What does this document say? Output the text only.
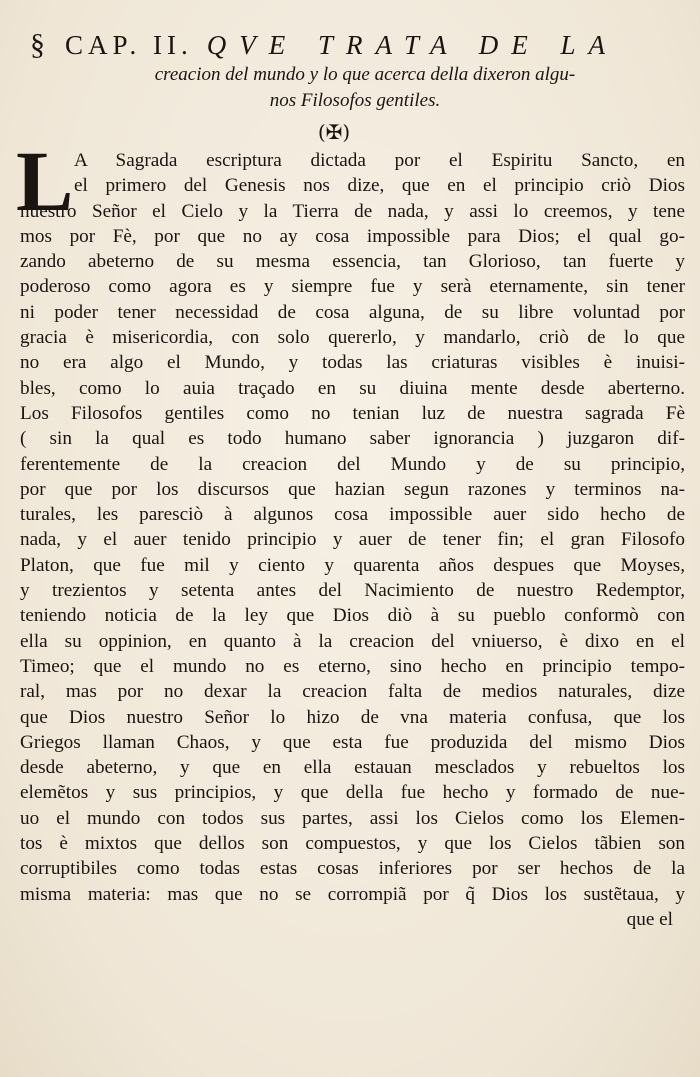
§ CAP. II. QVE TRATA DE LA
creacion del mundo y lo que acerca della dixeron algu-
nos Filosofos gentiles.
(✠)
L A Sagrada escriptura dictada por el Espiritu Sancto, en
el primero del Genesis nos dize, que en el principio criò Dios
nuestro Señor el Cielo y la Tierra de nada, y assi lo creemos, y tene
mos por Fè, por que no ay cosa impossible para Dios; el qual go-
zando abeterno de su mesma essencia, tan Glorioso, tan fuerte y
poderoso como agora es y siempre fue y serà eternamente, sin tener
ni poder tener necessidad de cosa alguna, de su libre voluntad por
gracia è misericordia, con solo quererlo, y mandarlo, criò de lo que
no era algo el Mundo, y todas las criaturas visibles è inuisi-
bles, como lo auia traçado en su diuina mente desde aberterno.
Los Filosofos gentiles como no tenian luz de nuestra sagrada Fè
( sin la qual es todo humano saber ignorancia ) juzgaron dif-
ferentemente de la creacion del Mundo y de su principio,
por que por los discursos que hazian segun razones y terminos na-
turales, les paresciò à algunos cosa impossible auer sido hecho de
nada, y el auer tenido principio y auer de tener fin; el gran Filosofo
Platon, que fue mil y ciento y quarenta años despues que Moyses,
y trezientos y setenta antes del Nacimiento de nuestro Redemptor,
teniendo noticia de la ley que Dios diò à su pueblo conformò con
ella su oppinion, en quanto à la creacion del vniuerso, è dixo en el
Timeo; que el mundo no es eterno, sino hecho en principio tempo-
ral, mas por no dexar la creacion falta de medios naturales, dize
que Dios nuestro Señor lo hizo de vna materia confusa, que los
Griegos llaman Chaos, y que esta fue produzida del mismo Dios
desde abeterno, y que en ella estauan mesclados y rebueltos los
elemẽtos y sus principios, y que della fue hecho y formado de nue-
uo el mundo con todos sus partes, assi los Cielos como los Elemen-
tos è mixtos que dellos son compuestos, y que los Cielos tãbien son
corruptibiles como todas estas cosas inferiores por ser hechos de la
misma materia: mas que no se corrompiã por q̃ Dios los sustẽtaua, y
que el
